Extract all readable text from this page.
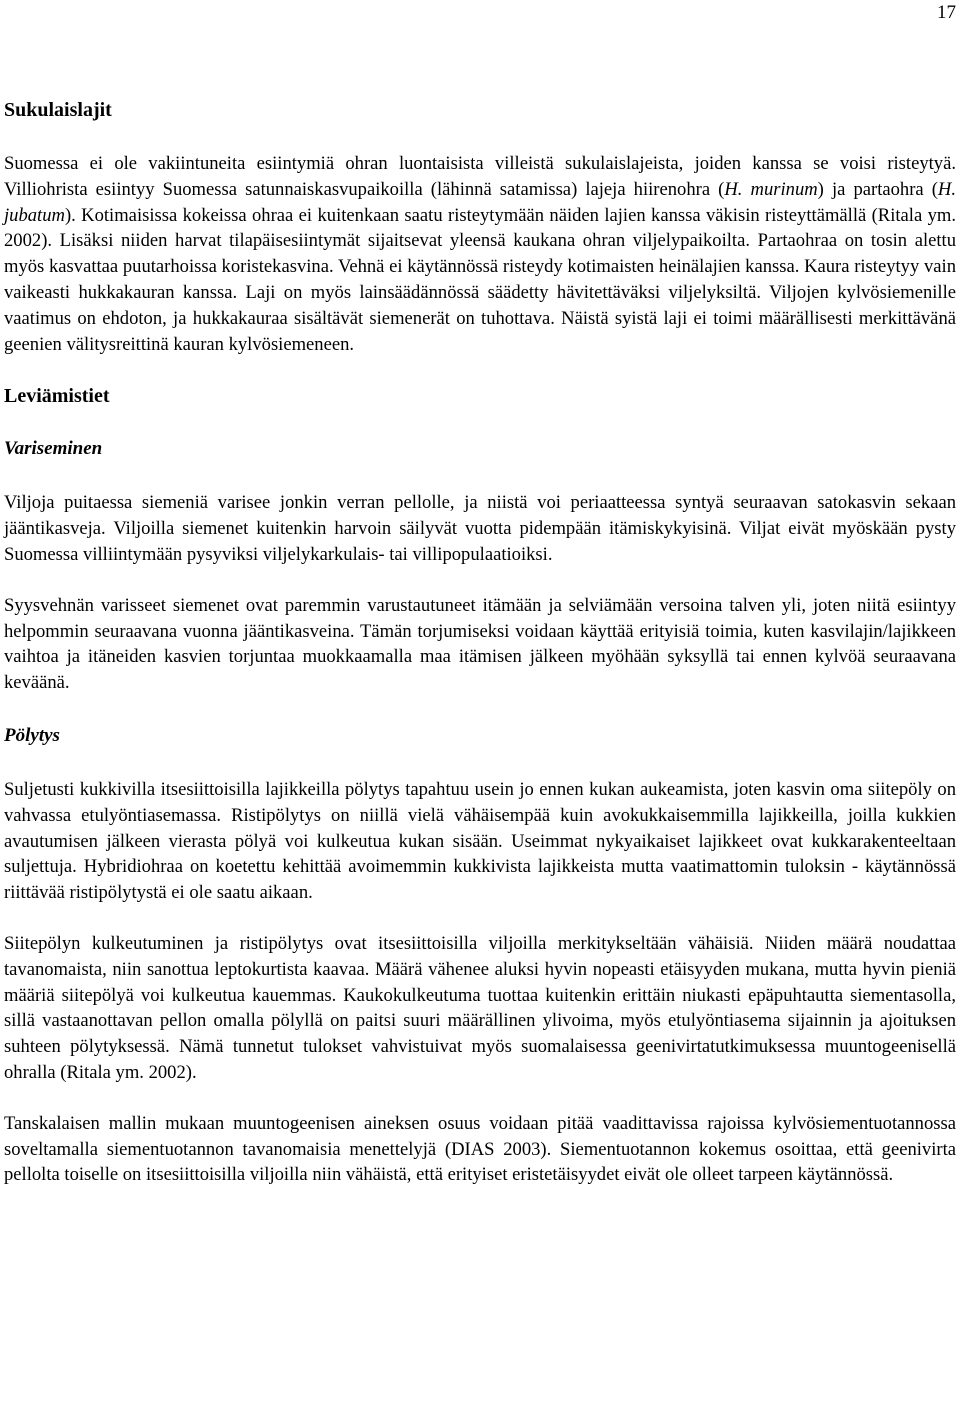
17
Sukulaislajit

Suomessa ei ole vakiintuneita esiintymiä ohran luontaisista villeistä sukulaislajeista, joiden kanssa se voisi risteytyä. Villiohrista esiintyy Suomessa satunnaiskasvupaikoilla (lähinnä satamissa) lajeja hiirenohra (H. murinum) ja partaohra (H. jubatum). Kotimaisissa kokeissa ohraa ei kuitenkaan saatu risteytymään näiden lajien kanssa väkisin risteyttämällä (Ritala ym. 2002). Lisäksi niiden harvat tilapäisesiintymät sijaitsevat yleensä kaukana ohran viljelypaikoilta. Partaohraa on tosin alettu myös kasvattaa puutarhoissa koristekasvina. Vehnä ei käytännössä risteydy kotimaisten heinälajien kanssa. Kaura risteytyy vain vaikeasti hukkakauran kanssa. Laji on myös lainsäädännössä säädetty hävitettäväksi viljelyksiltä. Viljojen kylvösiemenille vaatimus on ehdoton, ja hukkakauraa sisältävät siemenerät on tuhottava. Näistä syistä laji ei toimi määrällisesti merkittävänä geenien välitysreittinä kauran kylvösiemeneen.

Leviämistiet
Variseminen

Viljoja puitaessa siemeniä varisee jonkin verran pellolle, ja niistä voi periaatteessa syntyä seuraavan satokasvin sekaan jääntikasveja. Viljoilla siemenet kuitenkin harvoin säilyvät vuotta pidempään itämiskykyisinä. Viljat eivät myöskään pysty Suomessa villiintymään pysyviksi viljelykarkulais- tai villipopulaatioiksi.

Syysvehnän varisseet siemenet ovat paremmin varustautuneet itämään ja selviämään versoina talven yli, joten niitä esiintyy helpommin seuraavana vuonna jääntikasveina. Tämän torjumiseksi voidaan käyttää erityisiä toimia, kuten kasvilajin/lajikkeen vaihtoa ja itäneiden kasvien torjuntaa muokkaamalla maa itämisen jälkeen myöhään syksyllä tai ennen kylvöä seuraavana keväänä.

Pölytys

Suljetusti kukkivilla itsesiittoisilla lajikkeilla pölytys tapahtuu usein jo ennen kukan aukeamista, joten kasvin oma siitepöly on vahvassa etulyöntiasemassa. Ristipölytys on niillä vielä vähäisempää kuin avokukkaisemmilla lajikkeilla, joilla kukkien avautumisen jälkeen vierasta pölyä voi kulkeutua kukan sisään. Useimmat nykyaikaiset lajikkeet ovat kukkarakenteeltaan suljettuja. Hybridiohraa on koetettu kehittää avoimemmin kukkivista lajikkeista mutta vaatimattomin tuloksin - käytännössä riittävää ristipölytystä ei ole saatu aikaan.

Siitepölyn kulkeutuminen ja ristipölytys ovat itsesiittoisilla viljoilla merkitykseltään vähäisiä. Niiden määrä noudattaa tavanomaista, niin sanottua leptokurtista kaavaa. Määrä vähenee aluksi hyvin nopeasti etäisyyden mukana, mutta hyvin pieniä määriä siitepölyä voi kulkeutua kauemmas. Kaukokulkeutuma tuottaa kuitenkin erittäin niukasti epäpuhtautta siementasolla, sillä vastaanottavan pellon omalla pölyllä on paitsi suuri määrällinen ylivoima, myös etulyöntiasema sijainnin ja ajoituksen suhteen pölytyksessä. Nämä tunnetut tulokset vahvistuivat myös suomalaisessa geenivirtatutkimuksessa muuntogeenisellä ohralla (Ritala ym. 2002).

Tanskalaisen mallin mukaan muuntogeenisen aineksen osuus voidaan pitää vaadittavissa rajoissa kylvösiementuotannossa soveltamalla siementuotannon tavanomaisia menettelyjä (DIAS 2003). Siementuotannon kokemus osoittaa, että geenivirta pellolta toiselle on itsesiittoisilla viljoilla niin vähäistä, että erityiset eristetäisyydet eivät ole olleet tarpeen käytännössä.
